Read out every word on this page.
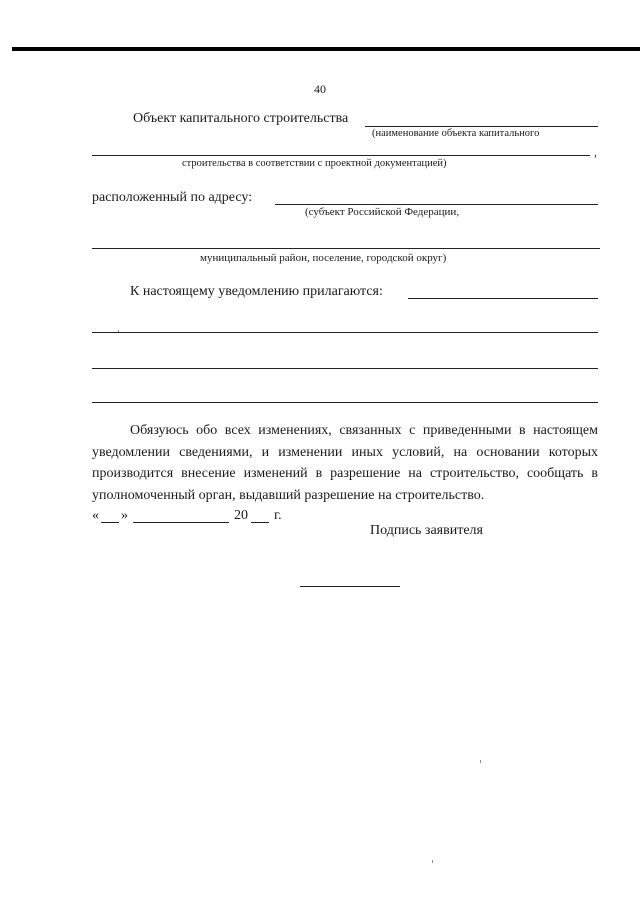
40
Объект капитального строительства
(наименование объекта капитального
,
строительства в соответствии с проектной документацией)
расположенный по адресу:
(субъект Российской Федерации,
муниципальный район, поселение, городской округ)
К настоящему уведомлению прилагаются:
Обязуюсь обо всех изменениях, связанных с приведенными в настоящем уведомлении сведениями, и изменении иных условий, на основании которых производится внесение изменений в разрешение на строительство, сообщать в уполномоченный орган, выдавший разрешение на строительство.
« »	20 г.
Подпись заявителя
